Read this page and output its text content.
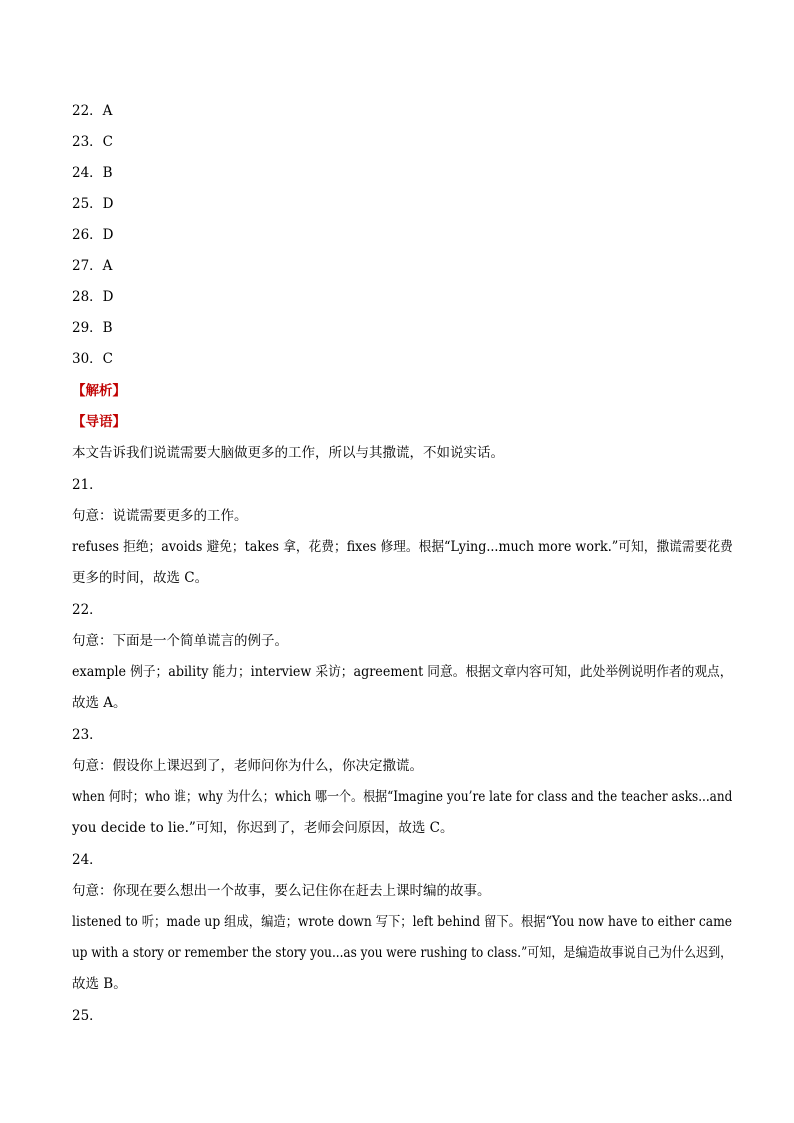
22．A
23．C
24．B
25．D
26．D
27．A
28．D
29．B
30．C
【解析】
【导语】
本文告诉我们说谎需要大脑做更多的工作，所以与其撒谎，不如说实话。
21．
句意：说谎需要更多的工作。
refuses 拒绝；avoids 避免；takes 拿，花费；fixes 修理。根据“Lying...much more work.”可知，撒谎需要花费
更多的时间，故选 C。
22．
句意：下面是一个简单谎言的例子。
example 例子；ability 能力；interview 采访；agreement 同意。根据文章内容可知，此处举例说明作者的观点，
故选 A。
23．
句意：假设你上课迟到了，老师问你为什么，你决定撒谎。
when 何时；who 谁；why 为什么；which 哪一个。根据“Imagine you’re late for class and the teacher asks...and
you decide to lie.”可知，你迟到了，老师会问原因，故选 C。
24．
句意：你现在要么想出一个故事，要么记住你在赶去上课时编的故事。
listened to 听；made up 组成，编造；wrote down 写下；left behind 留下。根据“You now have to either came
up with a story or remember the story you...as you were rushing to class.”可知，是编造故事说自己为什么迟到，
故选 B。
25．
